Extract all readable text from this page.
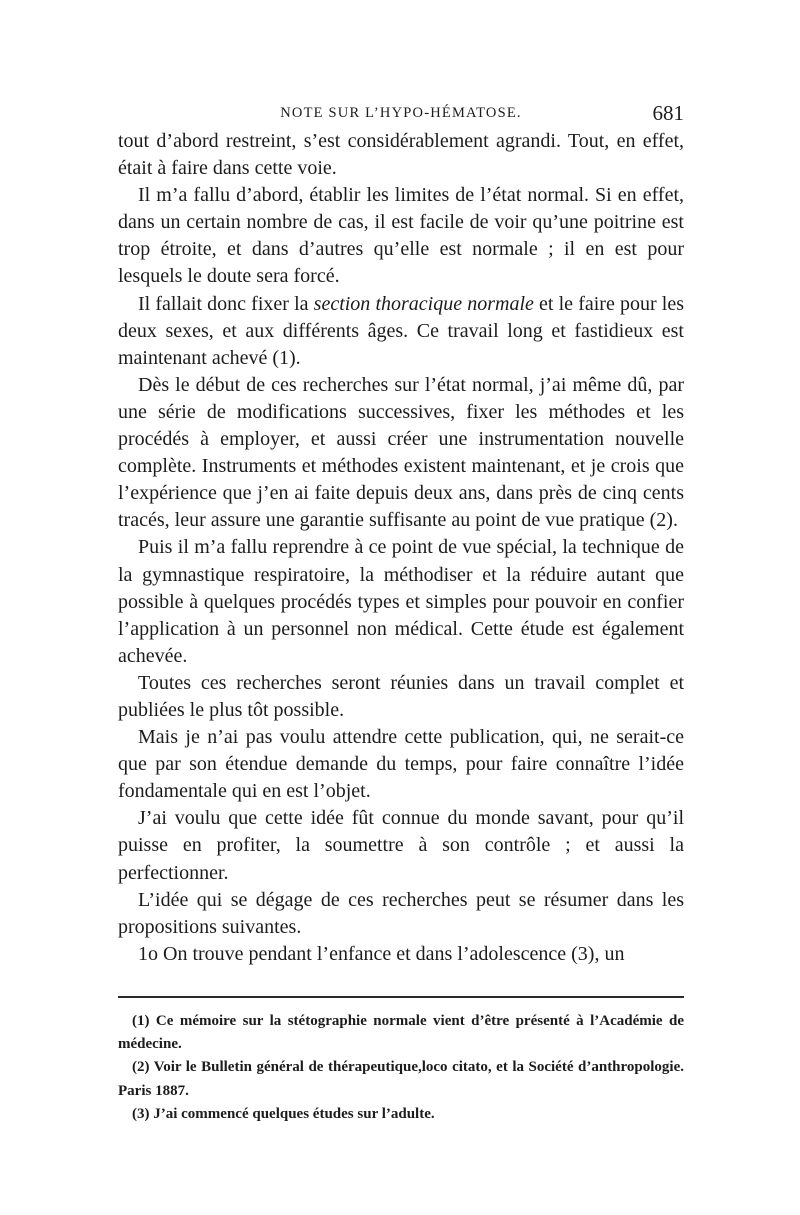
NOTE SUR L’HYPO-HÉMATOSE.	681

tout d’abord restreint, s’est considérablement agrandi. Tout, en effet, était à faire dans cette voie.

Il m’a fallu d’abord, établir les limites de l’état normal. Si en effet, dans un certain nombre de cas, il est facile de voir qu’une poitrine est trop étroite, et dans d’autres qu’elle est normale ; il en est pour lesquels le doute sera forcé.

Il fallait donc fixer la section thoracique normale et le faire pour les deux sexes, et aux différents âges. Ce travail long et fastidieux est maintenant achevé (1).

Dès le début de ces recherches sur l’état normal, j’ai même dû, par une série de modifications successives, fixer les méthodes et les procédés à employer, et aussi créer une instrumentation nouvelle complète. Instruments et méthodes existent maintenant, et je crois que l’expérience que j’en ai faite depuis deux ans, dans près de cinq cents tracés, leur assure une garantie suffisante au point de vue pratique (2).

Puis il m’a fallu reprendre à ce point de vue spécial, la technique de la gymnastique respiratoire, la méthodiser et la réduire autant que possible à quelques procédés types et simples pour pouvoir en confier l’application à un personnel non médical. Cette étude est également achevée.

Toutes ces recherches seront réunies dans un travail complet et publiées le plus tôt possible.

Mais je n’ai pas voulu attendre cette publication, qui, ne serait-ce que par son étendue demande du temps, pour faire connaître l’idée fondamentale qui en est l’objet.

J’ai voulu que cette idée fût connue du monde savant, pour qu’il puisse en profiter, la soumettre à son contrôle ; et aussi la perfectionner.

L’idée qui se dégage de ces recherches peut se résumer dans les propositions suivantes.

1o On trouve pendant l’enfance et dans l’adolescence (3), un

(1) Ce mémoire sur la stétographie normale vient d’être présenté à l’Académie de médecine.

(2) Voir le Bulletin général de thérapeutique,loco citato, et la Société d’anthropologie. Paris 1887.

(3) J’ai commencé quelques études sur l’adulte.
